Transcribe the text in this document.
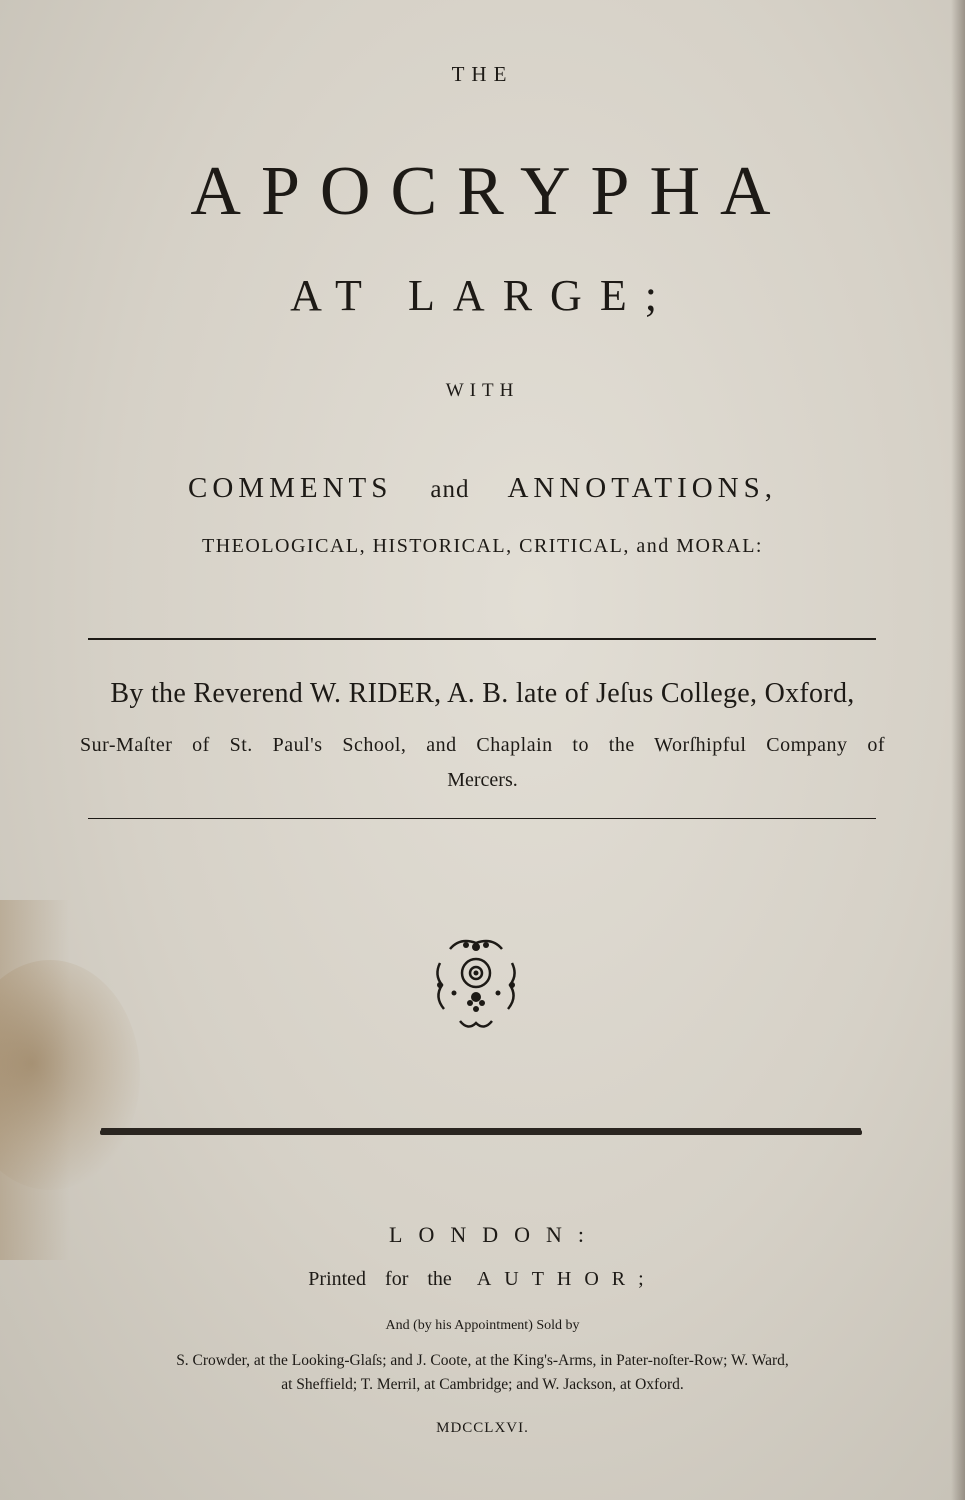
THE
APOCRYPHA
AT LARGE;
WITH
COMMENTS and ANNOTATIONS,
THEOLOGICAL, HISTORICAL, CRITICAL, and MORAL:
By the Reverend W. RIDER, A. B. late of Jeſus College, Oxford,
Sur-Maſter of St. Paul's School, and Chaplain to the Worſhipful Company of
Mercers.
LONDON:
Printed for the AUTHOR;
And (by his Appointment) Sold by
S. Crowder, at the Looking-Glaſs; and J. Coote, at the King's-Arms, in Pater-noſter-Row; W. Ward,
at Sheffield; T. Merril, at Cambridge; and W. Jackson, at Oxford.
MDCCLXVI.
